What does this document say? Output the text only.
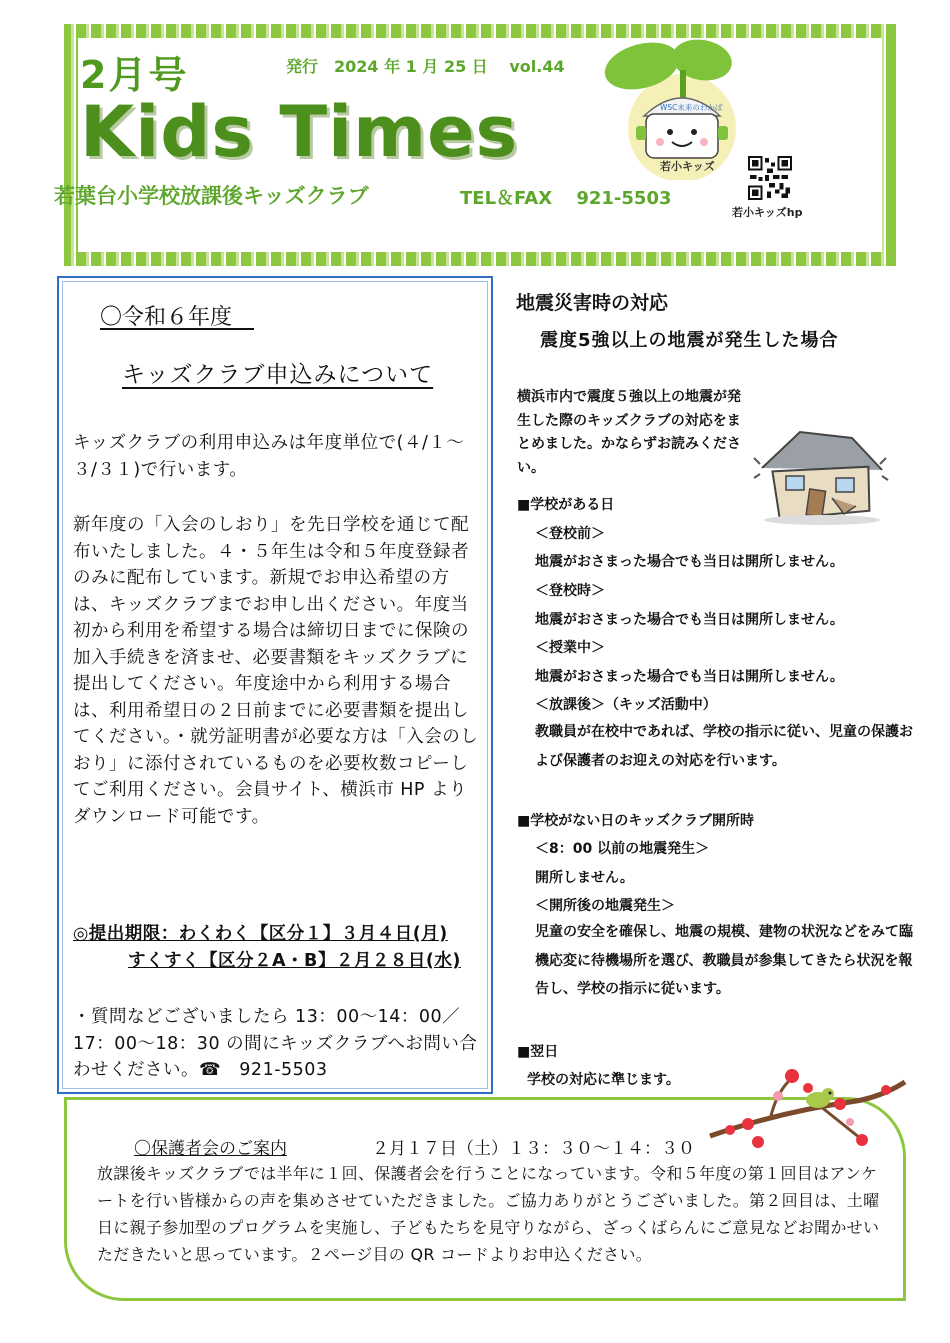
2月号	発行　2024 年 1 月 25 日　 vol.44
Kids Times
若葉台小学校放課後キッズクラブ	TEL＆FAX　 921-5503
WSC未来のわかば
若小キッズ
若小キッズhp
〇令和６年度　
キッズクラブ申込みについて
キッズクラブの利用申込みは年度単位で(４/１～３/３１)で行います。
新年度の「入会のしおり」を先日学校を通じて配布いたしました。４・５年生は令和５年度登録者のみに配布しています。新規でお申込希望の方は、キッズクラブまでお申し出ください。年度当初から利用を希望する場合は締切日までに保険の加入手続きを済ませ、必要書類をキッズクラブに提出してください。年度途中から利用する場合は、利用希望日の２日前までに必要書類を提出してください。・就労証明書が必要な方は「入会のしおり」に添付されているものを必要枚数コピーしてご利用ください。会員サイト、横浜市 HP よりダウンロード可能です。
◎提出期限：わくわく【区分１】３月４日(月)
すくすく【区分２A・B】２月２８日(水)
・質問などございましたら 13：00～14：00／17：00～18：30 の間にキッズクラブへお問い合わせください。☎　921-5503
地震災害時の対応
震度5強以上の地震が発生した場合
横浜市内で震度５強以上の地震が発生した際のキッズクラブの対応をまとめました。かならずお読みください。
■学校がある日
＜登校前＞
地震がおさまった場合でも当日は開所しません。
＜登校時＞
地震がおさまった場合でも当日は開所しません。
＜授業中＞
地震がおさまった場合でも当日は開所しません。
＜放課後＞（キッズ活動中）
教職員が在校中であれば、学校の指示に従い、児童の保護および保護者のお迎えの対応を行います。
■学校がない日のキッズクラブ開所時
＜8：00 以前の地震発生＞
開所しません。
＜開所後の地震発生＞
児童の安全を確保し、地震の規模、建物の状況などをみて臨機応変に待機場所を選び、教職員が参集してきたら状況を報告し、学校の指示に従います。
■翌日
学校の対応に準じます。
〇保護者会のご案内	２月１７日（土）１３：３０～１４：３０
放課後キッズクラブでは半年に１回、保護者会を行うことになっています。令和５年度の第１回目はアンケートを行い皆様からの声を集めさせていただきました。ご協力ありがとうございました。第２回目は、土曜日に親子参加型のプログラムを実施し、子どもたちを見守りながら、ざっくばらんにご意見などお聞かせいただきたいと思っています。２ページ目の QR コードよりお申込ください。
